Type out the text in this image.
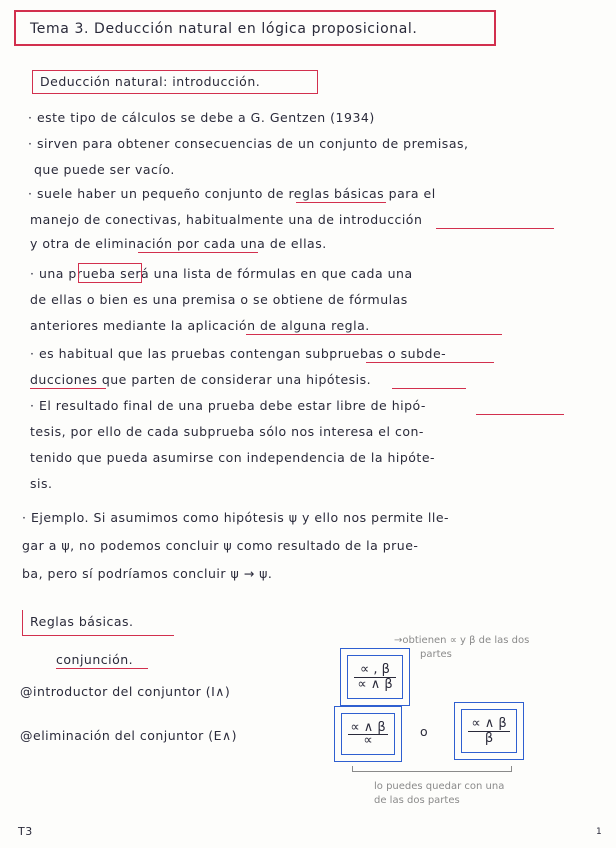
Tema 3. Deducción natural en lógica proposicional.
Deducción natural: introducción.
· este tipo de cálculos se debe a G. Gentzen (1934)
· sirven para obtener consecuencias de un conjunto de premisas,
que puede ser vacío.
· suele haber un pequeño conjunto de reglas básicas para el
manejo de conectivas, habitualmente una de introducción
y otra de eliminación por cada una de ellas.
· una prueba será una lista de fórmulas en que cada una
de ellas o bien es una premisa o se obtiene de fórmulas
anteriores mediante la aplicación de alguna regla.
· es habitual que las pruebas contengan subpruebas o subde-
ducciones que parten de considerar una hipótesis.
· El resultado final de una prueba debe estar libre de hipó-
tesis, por ello de cada subprueba sólo nos interesa el con-
tenido que pueda asumirse con independencia de la hipóte-
sis.
· Ejemplo. Si asumimos como hipótesis ψ y ello nos permite lle-
gar a ψ, no podemos concluir ψ como resultado de la prue-
ba, pero sí podríamos concluir ψ → ψ.
Reglas básicas.
conjunción.
@introductor del conjuntor (I∧)
@eliminación del conjuntor (E∧)
∝ , β
∝ ∧ β
∝ ∧ β
∝
o
∝ ∧ β
β
→obtienen ∝ y β de las dos
partes
lo puedes quedar con una
de las dos partes
T3	1
